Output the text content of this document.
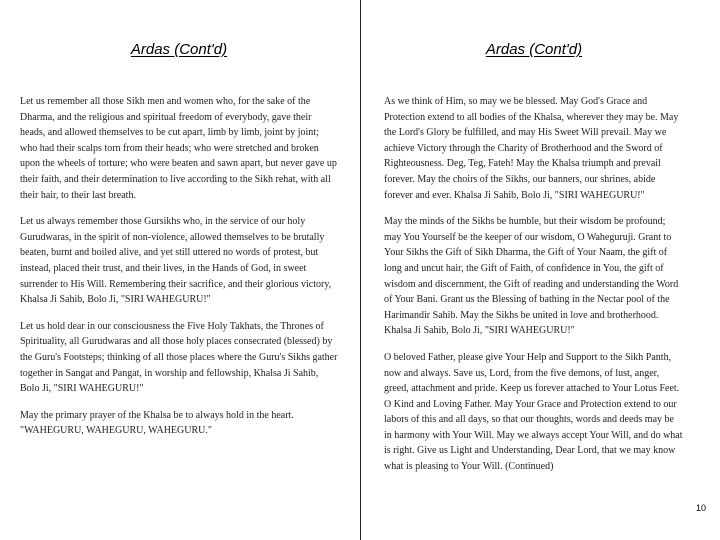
Ardas (Cont'd)

Let us remember all those Sikh men and women who, for the sake of the Dharma, and the religious and spiritual freedom of everybody, gave their heads, and allowed themselves to be cut apart, limb by limb, joint by joint; who had their scalps torn from their heads; who were stretched and broken upon the wheels of torture; who were beaten and sawn apart, but never gave up their faith, and their determination to live according to the Sikh rehat, with all their hair, to their last breath.

Let us always remember those Gursikhs who, in the service of our holy Gurudwaras, in the spirit of non-violence, allowed themselves to be brutally beaten, burnt and boiled alive, and yet still uttered no words of protest, but instead, placed their trust, and their lives, in the Hands of God, in sweet surrender to His Will. Remembering their sacrifice, and their glorious victory, Khalsa Ji Sahib, Bolo Ji, "SIRI WAHEGURU!"

Let us hold dear in our consciousness the Five Holy Takhats, the Thrones of Spirituality, all Gurudwaras and all those holy places consecrated (blessed) by the Guru's Footsteps; thinking of all those places where the Guru's Sikhs gather together in Sangat and Pangat, in worship and fellowship, Khalsa Ji Sahib, Bolo Ji, "SIRI WAHEGURU!"

May the primary prayer of the Khalsa be to always hold in the heart. "WAHEGURU, WAHEGURU, WAHEGURU."

Ardas (Cont'd)

As we think of Him, so may we be blessed. May God's Grace and Protection extend to all bodies of the Khalsa, wherever they may be. May the Lord's Glory be fulfilled, and may His Sweet Will prevail. May we achieve Victory through the Charity of Brotherhood and the Sword of Righteousness. Deg, Teg, Fateh! May the Khalsa triumph and prevail forever. May the choirs of the Sikhs, our banners, our shrines, abide forever and ever. Khalsa Ji Sahib, Bolo Ji, "SIRI WAHEGURU!"

May the minds of the Sikhs be humble, but their wisdom be profound; may You Yourself be the keeper of our wisdom, O Waheguruji. Grant to Your Sikhs the Gift of Sikh Dharma, the Gift of Your Naam, the gift of long and uncut hair, the Gift of Faith, of confidence in You, the gift of wisdom and discernment, the Gift of reading and understanding the Word of Your Bani. Grant us the Blessing of bathing in the Nectar pool of the Harimandir Sahib. May the Sikhs be united in love and brotherhood. Khalsa Ji Sahib, Bolo Ji, "SIRI WAHEGURU!"

O beloved Father, please give Your Help and Support to the Sikh Panth, now and always. Save us, Lord, from the five demons, of lust, anger, greed, attachment and pride. Keep us forever attached to Your Lotus Feet. O Kind and Loving Father. May Your Grace and Protection extend to our labors of this and all days, so that our thoughts, words and deeds may be in harmony with Your Will. May we always accept Your Will, and do what is right. Give us Light and Understanding, Dear Lord, that we may know what is pleasing to Your Will. (Continued)

10
